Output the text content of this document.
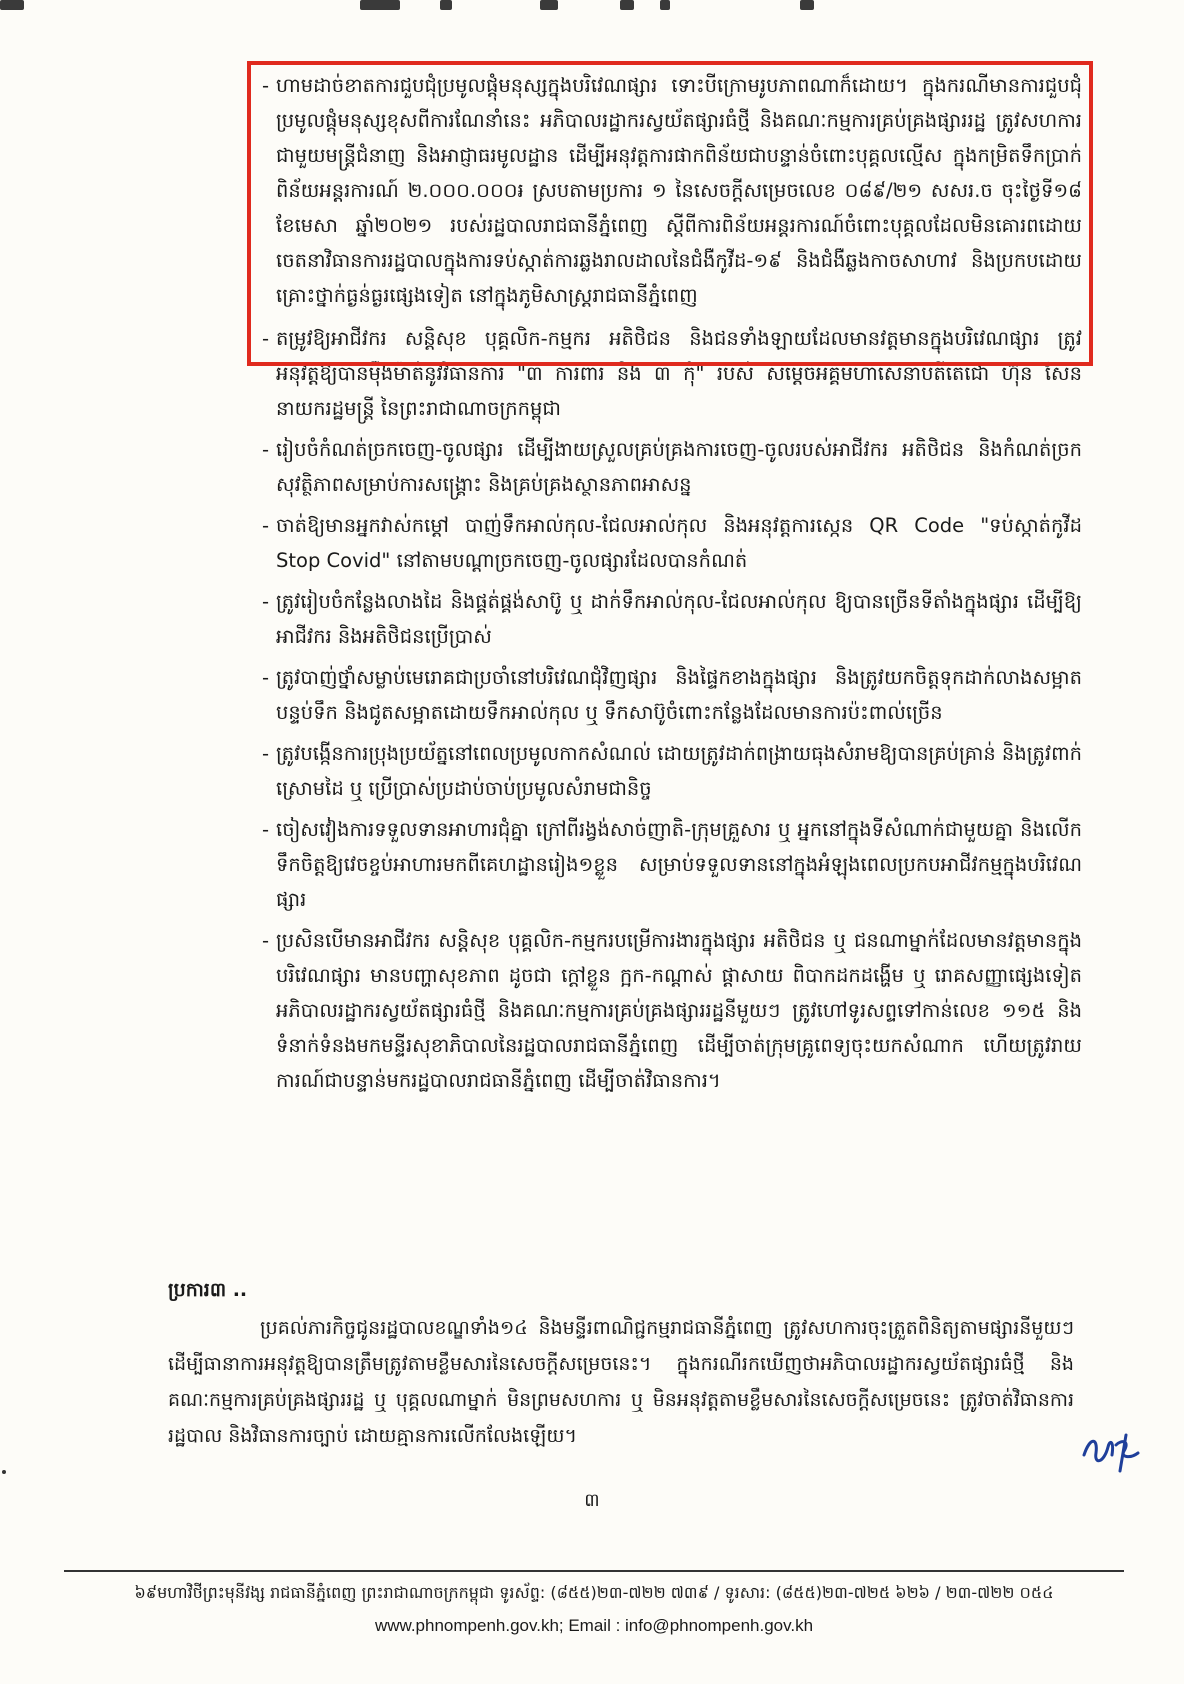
- ហាមដាច់ខាតការជួបជុំប្រមូលផ្តុំមនុស្សក្នុងបរិវេណផ្សារ ទោះបីក្រោមរូបភាពណាក៏ដោយ។ ក្នុងករណីមានការជួបជុំប្រមូលផ្តុំមនុស្សខុសពីការណែនាំនេះ អភិបាលរដ្ឋាករស្វយ័តផ្សារធំថ្មី និងគណៈកម្មការគ្រប់គ្រងផ្សាររដ្ឋ ត្រូវសហការជាមួយមន្ត្រីជំនាញ និងអាជ្ញាធរមូលដ្ឋាន ដើម្បីអនុវត្តការផាកពិន័យជាបន្ទាន់ចំពោះបុគ្គលល្មើស ក្នុងកម្រិតទឹកប្រាក់ពិន័យអន្តរការណ៍ ២.០០០.០០០៛ ស្របតាមប្រការ ១ នៃសេចក្តីសម្រេចលេខ ០៨៩/២១ សសរ.ច ចុះថ្ងៃទី១៨ ខែមេសា ឆ្នាំ២០២១ របស់រដ្ឋបាលរាជធានីភ្នំពេញ ស្តីពីការពិន័យអន្តរការណ៍ចំពោះបុគ្គលដែលមិនគោរពដោយចេតនាវិធានការរដ្ឋបាលក្នុងការទប់ស្កាត់ការឆ្លងរាលដាលនៃជំងឺកូវីដ-១៩ និងជំងឺឆ្លងកាចសាហាវ និងប្រកបដោយគ្រោះថ្នាក់ធ្ងន់ធ្ងរផ្សេងទៀត នៅក្នុងភូមិសាស្ត្ររាជធានីភ្នំពេញ
- តម្រូវឱ្យអាជីវករ សន្តិសុខ បុគ្គលិក-កម្មករ អតិថិជន និងជនទាំងឡាយដែលមានវត្តមានក្នុងបរិវេណផ្សារ ត្រូវអនុវត្តឱ្យបានម៉ឺងម៉ាត់នូវវិធានការ "៣ ការពារ និង ៣ កុំ" របស់ សម្តេចអគ្គមហាសេនាបតីតេជោ ហ៊ុន សែន នាយករដ្ឋមន្ត្រី នៃព្រះរាជាណាចក្រកម្ពុជា
- រៀបចំកំណត់ច្រកចេញ-ចូលផ្សារ ដើម្បីងាយស្រួលគ្រប់គ្រងការចេញ-ចូលរបស់អាជីវករ អតិថិជន និងកំណត់ច្រកសុវត្ថិភាពសម្រាប់ការសង្គ្រោះ និងគ្រប់គ្រងស្ថានភាពអាសន្ន
- ចាត់ឱ្យមានអ្នកវាស់កម្តៅ បាញ់ទឹកអាល់កុល-ជែលអាល់កុល និងអនុវត្តការស្កេន QR Code "ទប់ស្កាត់កូវីដ Stop Covid" នៅតាមបណ្តាច្រកចេញ-ចូលផ្សារដែលបានកំណត់
- ត្រូវរៀបចំកន្លែងលាងដៃ និងផ្គត់ផ្គង់សាប៊ូ ឬ ដាក់ទឹកអាល់កុល-ជែលអាល់កុល ឱ្យបានច្រើនទីតាំងក្នុងផ្សារ ដើម្បីឱ្យអាជីវករ និងអតិថិជនប្រើប្រាស់
- ត្រូវបាញ់ថ្នាំសម្លាប់មេរោគជាប្រចាំនៅបរិវេណជុំវិញផ្សារ និងផ្ទៃកខាងក្នុងផ្សារ និងត្រូវយកចិត្តទុកដាក់លាងសម្អាតបន្ទប់ទឹក និងជូតសម្អាតដោយទឹកអាល់កុល ឬ ទឹកសាប៊ូចំពោះកន្លែងដែលមានការប៉ះពាល់ច្រើន
- ត្រូវបង្កើនការប្រុងប្រយ័ត្ននៅពេលប្រមូលកាកសំណល់ ដោយត្រូវដាក់ពង្រាយធុងសំរាមឱ្យបានគ្រប់គ្រាន់ និងត្រូវពាក់ស្រោមដៃ ឬ ប្រើប្រាស់ប្រដាប់ចាប់ប្រមូលសំរាមជានិច្ច
- ចៀសវៀងការទទួលទានអាហារជុំគ្នា ក្រៅពីរង្វង់សាច់ញាតិ-ក្រុមគ្រួសារ ឬ អ្នកនៅក្នុងទីសំណាក់ជាមួយគ្នា និងលើកទឹកចិត្តឱ្យវេចខ្ចប់អាហារមកពីគេហដ្ឋានរៀង១ខ្លួន សម្រាប់ទទួលទាននៅក្នុងអំឡុងពេលប្រកបអាជីវកម្មក្នុងបរិវេណផ្សារ
- ប្រសិនបើមានអាជីវករ សន្តិសុខ បុគ្គលិក-កម្មករបម្រើការងារក្នុងផ្សារ អតិថិជន ឬ ជនណាម្នាក់ដែលមានវត្តមានក្នុងបរិវេណផ្សារ មានបញ្ហាសុខភាព ដូចជា ក្តៅខ្លួន ក្អក-កណ្តាស់ ផ្តាសាយ ពិបាកដកដង្ហើម ឬ រោគសញ្ញាផ្សេងទៀត អភិបាលរដ្ឋាករស្វយ័តផ្សារធំថ្មី និងគណៈកម្មការគ្រប់គ្រងផ្សាររដ្ឋនីមួយៗ ត្រូវហៅទូរសព្ទទៅកាន់លេខ ១១៥ និងទំនាក់ទំនងមកមន្ទីរសុខាភិបាលនៃរដ្ឋបាលរាជធានីភ្នំពេញ ដើម្បីចាត់ក្រុមគ្រូពេទ្យចុះយកសំណាក ហើយត្រូវរាយការណ៍ជាបន្ទាន់មករដ្ឋបាលរាជធានីភ្នំពេញ ដើម្បីចាត់វិធានការ។
ប្រការ៣ ..
ប្រគល់ភារកិច្ចជូនរដ្ឋបាលខណ្ឌទាំង១៤ និងមន្ទីរពាណិជ្ជកម្មរាជធានីភ្នំពេញ ត្រូវសហការចុះត្រួតពិនិត្យតាមផ្សារនីមួយៗ ដើម្បីធានាការអនុវត្តឱ្យបានត្រឹមត្រូវតាមខ្លឹមសារនៃសេចក្តីសម្រេចនេះ។ ក្នុងករណីរកឃើញថាអភិបាលរដ្ឋាករស្វយ័តផ្សារធំថ្មី និងគណៈកម្មការគ្រប់គ្រងផ្សាររដ្ឋ ឬ បុគ្គលណាម្នាក់ មិនព្រមសហការ ឬ មិនអនុវត្តតាមខ្លឹមសារនៃសេចក្តីសម្រេចនេះ ត្រូវចាត់វិធានការរដ្ឋបាល និងវិធានការច្បាប់ ដោយគ្មានការលើកលែងឡើយ។
៣
៦៩មហាវិថីព្រះមុនីវង្ស រាជធានីភ្នំពេញ ព្រះរាជាណាចក្រកម្ពុជា ទូរស័ព្ទ: (៨៥៥)២៣-៧២២ ៧៣៩ / ទូរសារ: (៨៥៥)២៣-៧២៥ ៦២៦ / ២៣-៧២២ ០៥៤
www.phnompenh.gov.kh; Email : info@phnompenh.gov.kh
